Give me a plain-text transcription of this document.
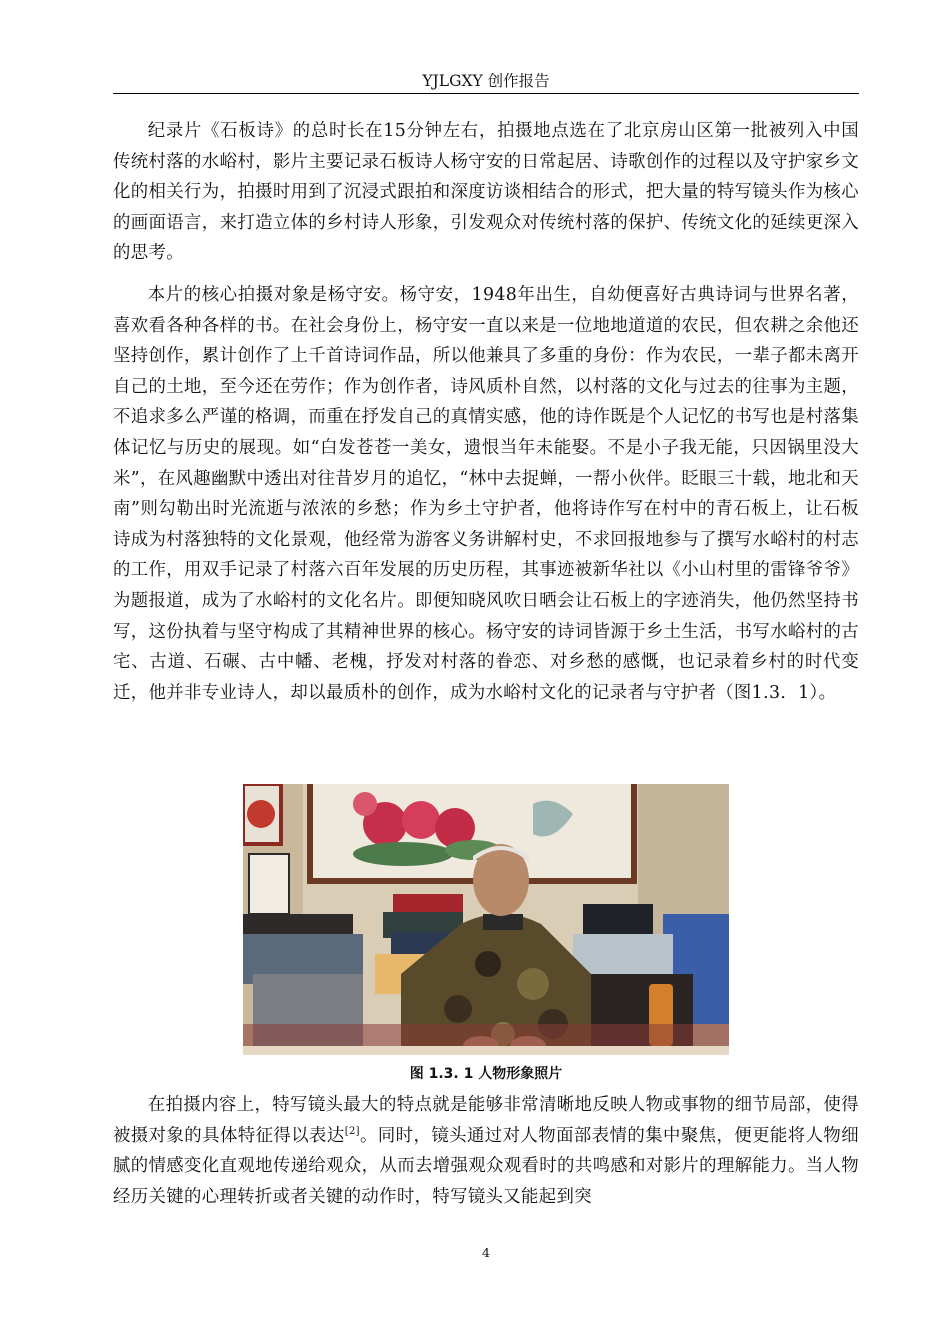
YJLGXY 创作报告

纪录片《石板诗》的总时长在15分钟左右，拍摄地点选在了北京房山区第一批被列入中国传统村落的水峪村，影片主要记录石板诗人杨守安的日常起居、诗歌创作的过程以及守护家乡文化的相关行为，拍摄时用到了沉浸式跟拍和深度访谈相结合的形式，把大量的特写镜头作为核心的画面语言，来打造立体的乡村诗人形象，引发观众对传统村落的保护、传统文化的延续更深入的思考。

本片的核心拍摄对象是杨守安。杨守安，1948年出生，自幼便喜好古典诗词与世界名著，喜欢看各种各样的书。在社会身份上，杨守安一直以来是一位地地道道的农民，但农耕之余他还坚持创作，累计创作了上千首诗词作品，所以他兼具了多重的身份：作为农民，一辈子都未离开自己的土地，至今还在劳作；作为创作者，诗风质朴自然，以村落的文化与过去的往事为主题，不追求多么严谨的格调，而重在抒发自己的真情实感，他的诗作既是个人记忆的书写也是村落集体记忆与历史的展现。如“白发苍苍一美女，遗恨当年未能娶。不是小子我无能，只因锅里没大米”，在风趣幽默中透出对往昔岁月的追忆，“林中去捉蝉，一帮小伙伴。眨眼三十载，地北和天南”则勾勒出时光流逝与浓浓的乡愁；作为乡土守护者，他将诗作写在村中的青石板上，让石板诗成为村落独特的文化景观，他经常为游客义务讲解村史，不求回报地参与了撰写水峪村的村志的工作，用双手记录了村落六百年发展的历史历程，其事迹被新华社以《小山村里的雷锋爷爷》为题报道，成为了水峪村的文化名片。即便知晓风吹日晒会让石板上的字迹消失，他仍然坚持书写，这份执着与坚守构成了其精神世界的核心。杨守安的诗词皆源于乡土生活，书写水峪村的古宅、古道、石碾、古中幡、老槐，抒发对村落的眷恋、对乡愁的感慨，也记录着乡村的时代变迁，他并非专业诗人，却以最质朴的创作，成为水峪村文化的记录者与守护者（图1.3．1）。

图 1.3. 1 人物形象照片

在拍摄内容上，特写镜头最大的特点就是能够非常清晰地反映人物或事物的细节局部，使得被摄对象的具体特征得以表达[2]。同时，镜头通过对人物面部表情的集中聚焦，便更能将人物细腻的情感变化直观地传递给观众，从而去增强观众观看时的共鸣感和对影片的理解能力。当人物经历关键的心理转折或者关键的动作时，特写镜头又能起到突

4
